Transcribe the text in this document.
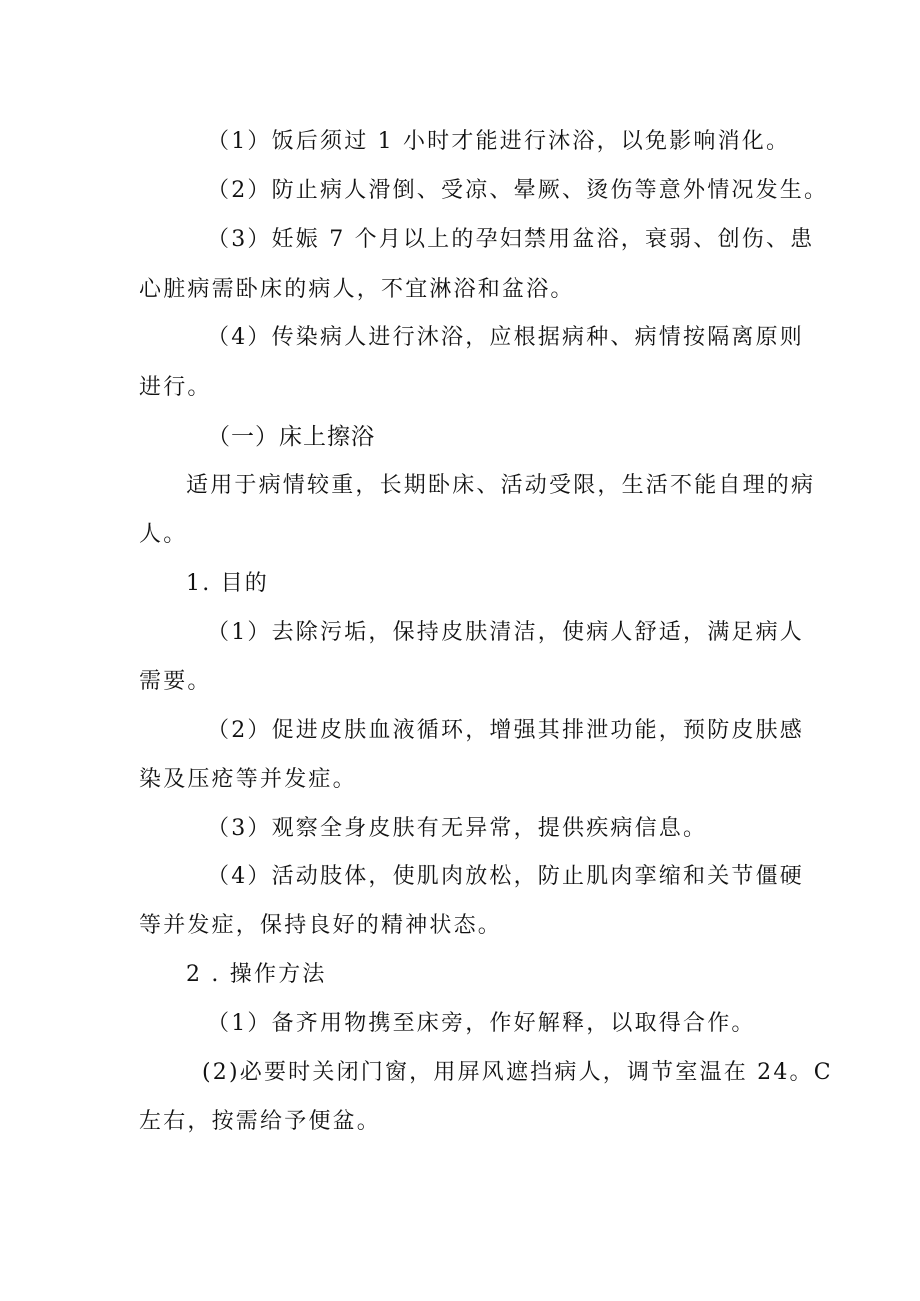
（1）饭后须过 1 小时才能进行沐浴，以免影响消化。
（2）防止病人滑倒、受凉、晕厥、烫伤等意外情况发生。
（3）妊娠 7 个月以上的孕妇禁用盆浴，衰弱、创伤、患
心脏病需卧床的病人，不宜淋浴和盆浴。
（4）传染病人进行沐浴，应根据病种、病情按隔离原则
进行。
（一）床上擦浴
适用于病情较重，长期卧床、活动受限，生活不能自理的病
人。
1. 目的
（1）去除污垢，保持皮肤清洁，使病人舒适，满足病人
需要。
（2）促进皮肤血液循环，增强其排泄功能，预防皮肤感
染及压疮等并发症。
（3）观察全身皮肤有无异常，提供疾病信息。
（4）活动肢体，使肌肉放松，防止肌肉挛缩和关节僵硬
等并发症，保持良好的精神状态。
2 . 操作方法
（1）备齐用物携至床旁，作好解释，以取得合作。
(2)必要时关闭门窗，用屏风遮挡病人，调节室温在 24。C
左右，按需给予便盆。
